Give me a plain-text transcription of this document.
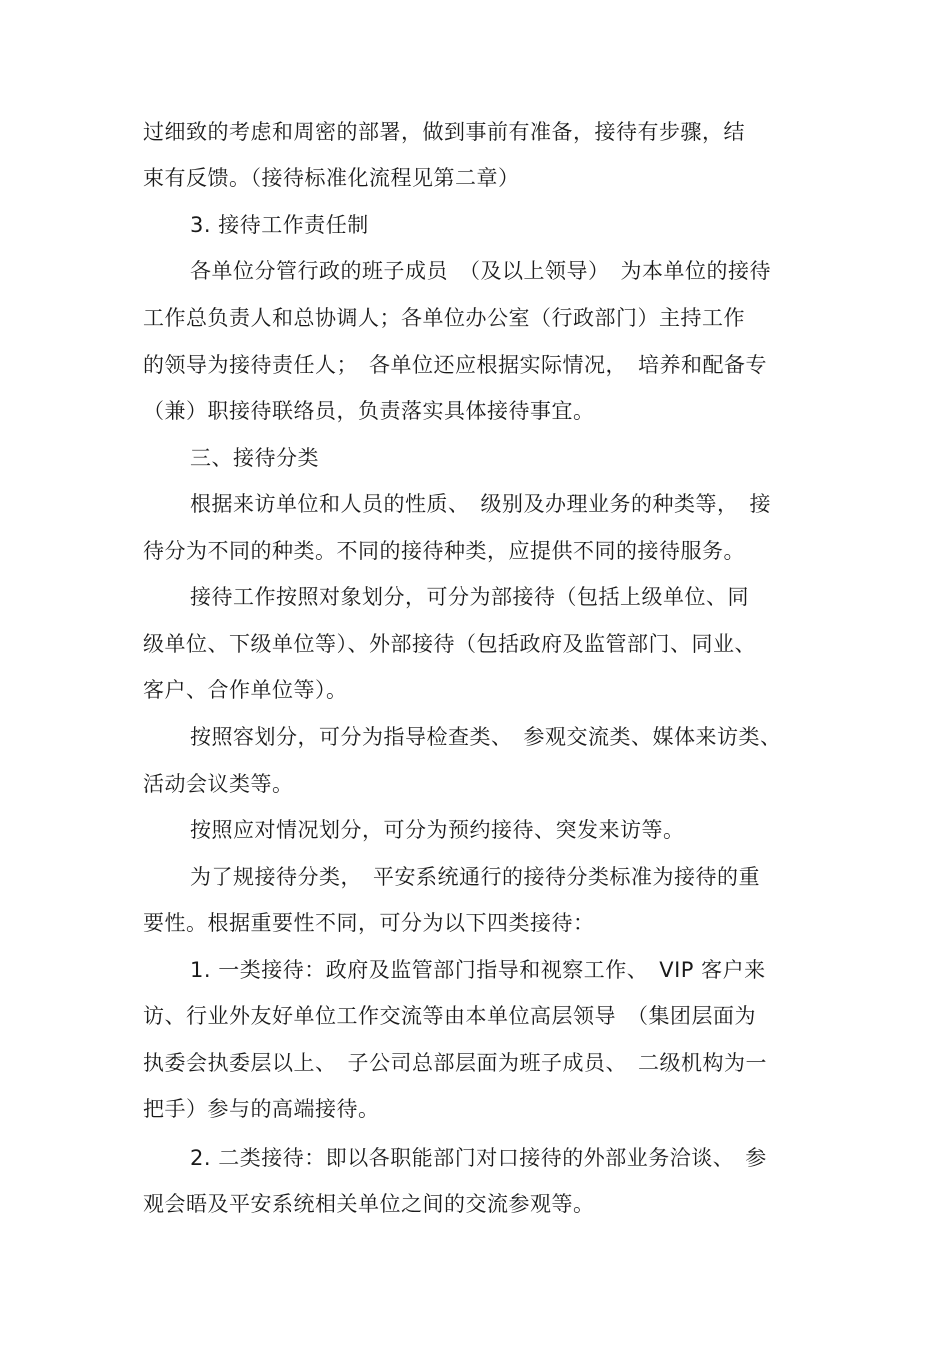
过细致的考虑和周密的部署，做到事前有准备，接待有步骤，结
束有反馈。（接待标准化流程见第二章）
3. 接待工作责任制
各单位分管行政的班子成员　（及以上领导）　为本单位的接待
工作总负责人和总协调人；各单位办公室（行政部门）主持工作
的领导为接待责任人；　各单位还应根据实际情况，　培养和配备专
（兼）职接待联络员，负责落实具体接待事宜。
三、接待分类
根据来访单位和人员的性质、　级别及办理业务的种类等，　接
待分为不同的种类。不同的接待种类，应提供不同的接待服务。
接待工作按照对象划分，可分为部接待（包括上级单位、同
级单位、下级单位等）、外部接待（包括政府及监管部门、同业、
客户、合作单位等）。
按照容划分，可分为指导检查类、　参观交流类、媒体来访类、
活动会议类等。
按照应对情况划分，可分为预约接待、突发来访等。
为了规接待分类，　平安系统通行的接待分类标准为接待的重
要性。根据重要性不同，可分为以下四类接待：
1. 一类接待：政府及监管部门指导和视察工作、　VIP 客户来
访、行业外友好单位工作交流等由本单位高层领导　（集团层面为
执委会执委层以上、　子公司总部层面为班子成员、　二级机构为一
把手）参与的高端接待。
2. 二类接待：即以各职能部门对口接待的外部业务洽谈、　参
观会晤及平安系统相关单位之间的交流参观等。
